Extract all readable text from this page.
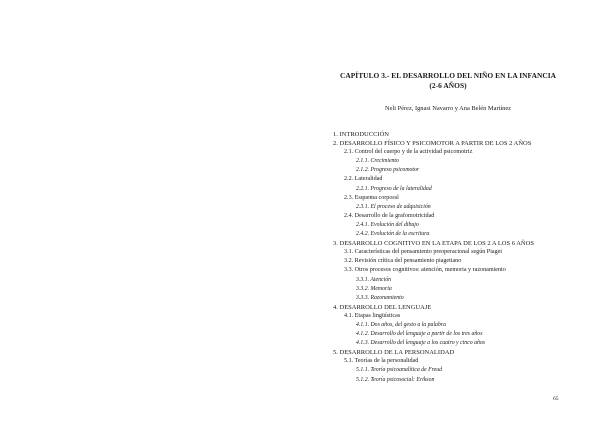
CAPÍTULO 3.- EL DESARROLLO DEL NIÑO EN LA INFANCIA
(2-6 AÑOS)
Neli Pérez, Ignasi Navarro y Ana Belén Martínez
1. INTRODUCCIÓN
2. DESARROLLO FÍSICO Y PSICOMOTOR A PARTIR DE LOS 2 AÑOS
2.1. Control del cuerpo y de la actividad psicomotriz
2.1.1. Crecimiento
2.1.2. Progreso psicomotor
2.2. Lateralidad
2.2.1. Progreso de la lateralidad
2.3. Esquema corporal
2.3.1. El proceso de adquisición
2.4. Desarrollo de la grafomotricidad
2.4.1. Evolución del dibujo
2.4.2. Evolución de la escritura
3. DESARROLLO COGNITIVO EN LA ETAPA DE LOS 2 A LOS 6 AÑOS
3.1. Características del pensamiento preoperacional según Piaget
3.2. Revisión crítica del pensamiento piagetiano
3.3. Otros procesos cognitivos: atención, memoria y razonamiento
3.3.1. Atención
3.3.2. Memoria
3.3.3. Razonamiento
4. DESARROLLO DEL LENGUAJE
4.1. Etapas lingüísticas
4.1.1. Dos años, del gesto a la palabra
4.1.2. Desarrollo del lenguaje a partir de los tres años
4.1.3. Desarrollo del lenguaje a los cuatro y cinco años
5. DESARROLLO DE LA PERSONALIDAD
5.1. Teorías de la personalidad
5.1.1. Teoría psicoanalítica de Freud
5.1.2. Teoría psicosocial: Erikson
65
